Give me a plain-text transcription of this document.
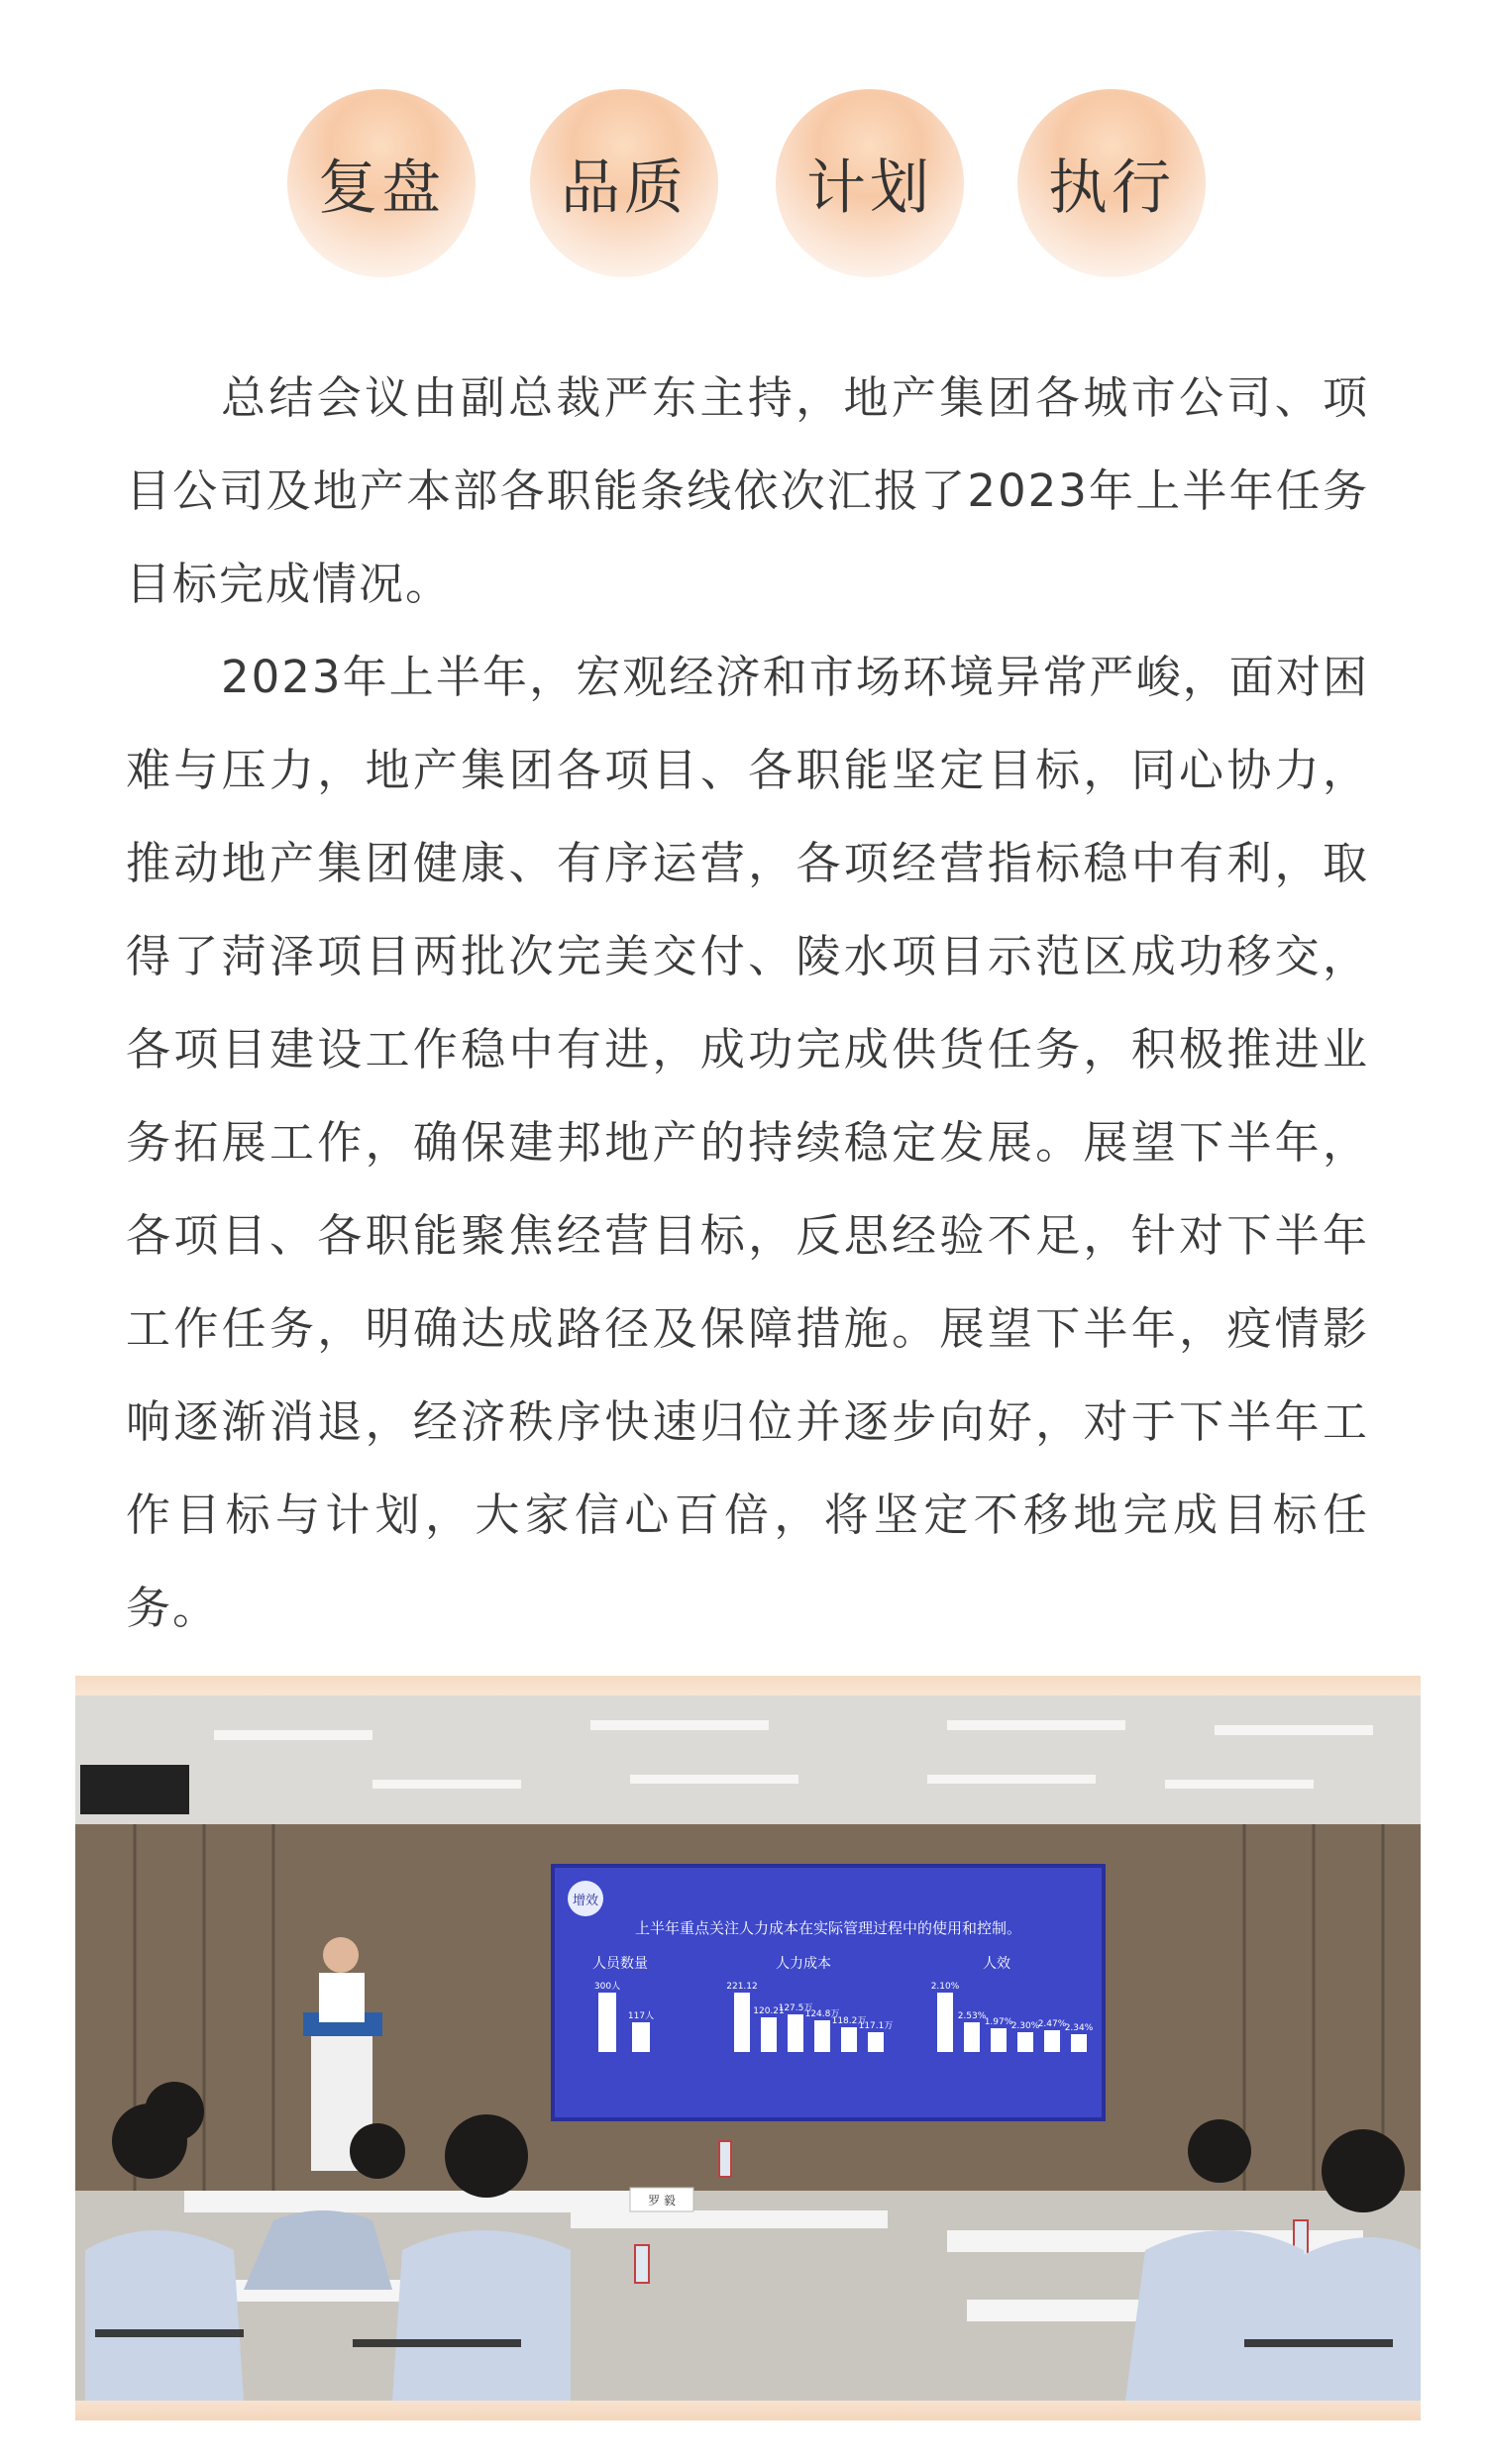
复盘 品质 计划 执行

总结会议由副总裁严东主持，地产集团各城市公司、项目公司及地产本部各职能条线依次汇报了2023年上半年任务目标完成情况。

2023年上半年，宏观经济和市场环境异常严峻，面对困难与压力，地产集团各项目、各职能坚定目标，同心协力，推动地产集团健康、有序运营，各项经营指标稳中有利，取得了菏泽项目两批次完美交付、陵水项目示范区成功移交，各项目建设工作稳中有进，成功完成供货任务，积极推进业务拓展工作，确保建邦地产的持续稳定发展。展望下半年，各项目、各职能聚焦经营目标，反思经验不足，针对下半年工作任务，明确达成路径及保障措施。展望下半年，疫情影响逐渐消退，经济秩序快速归位并逐步向好，对于下半年工作目标与计划，大家信心百倍，将坚定不移地完成目标任务。

增效
上半年重点关注人力成本在实际管理过程中的使用和控制。
人员数量	人力成本	人效
300人
117人
221.12
120.21
127.5万
124.8万
118.2万
117.1万
2.10%
2.53%
1.97%
2.30%
2.47%
2.34%
罗 毅
